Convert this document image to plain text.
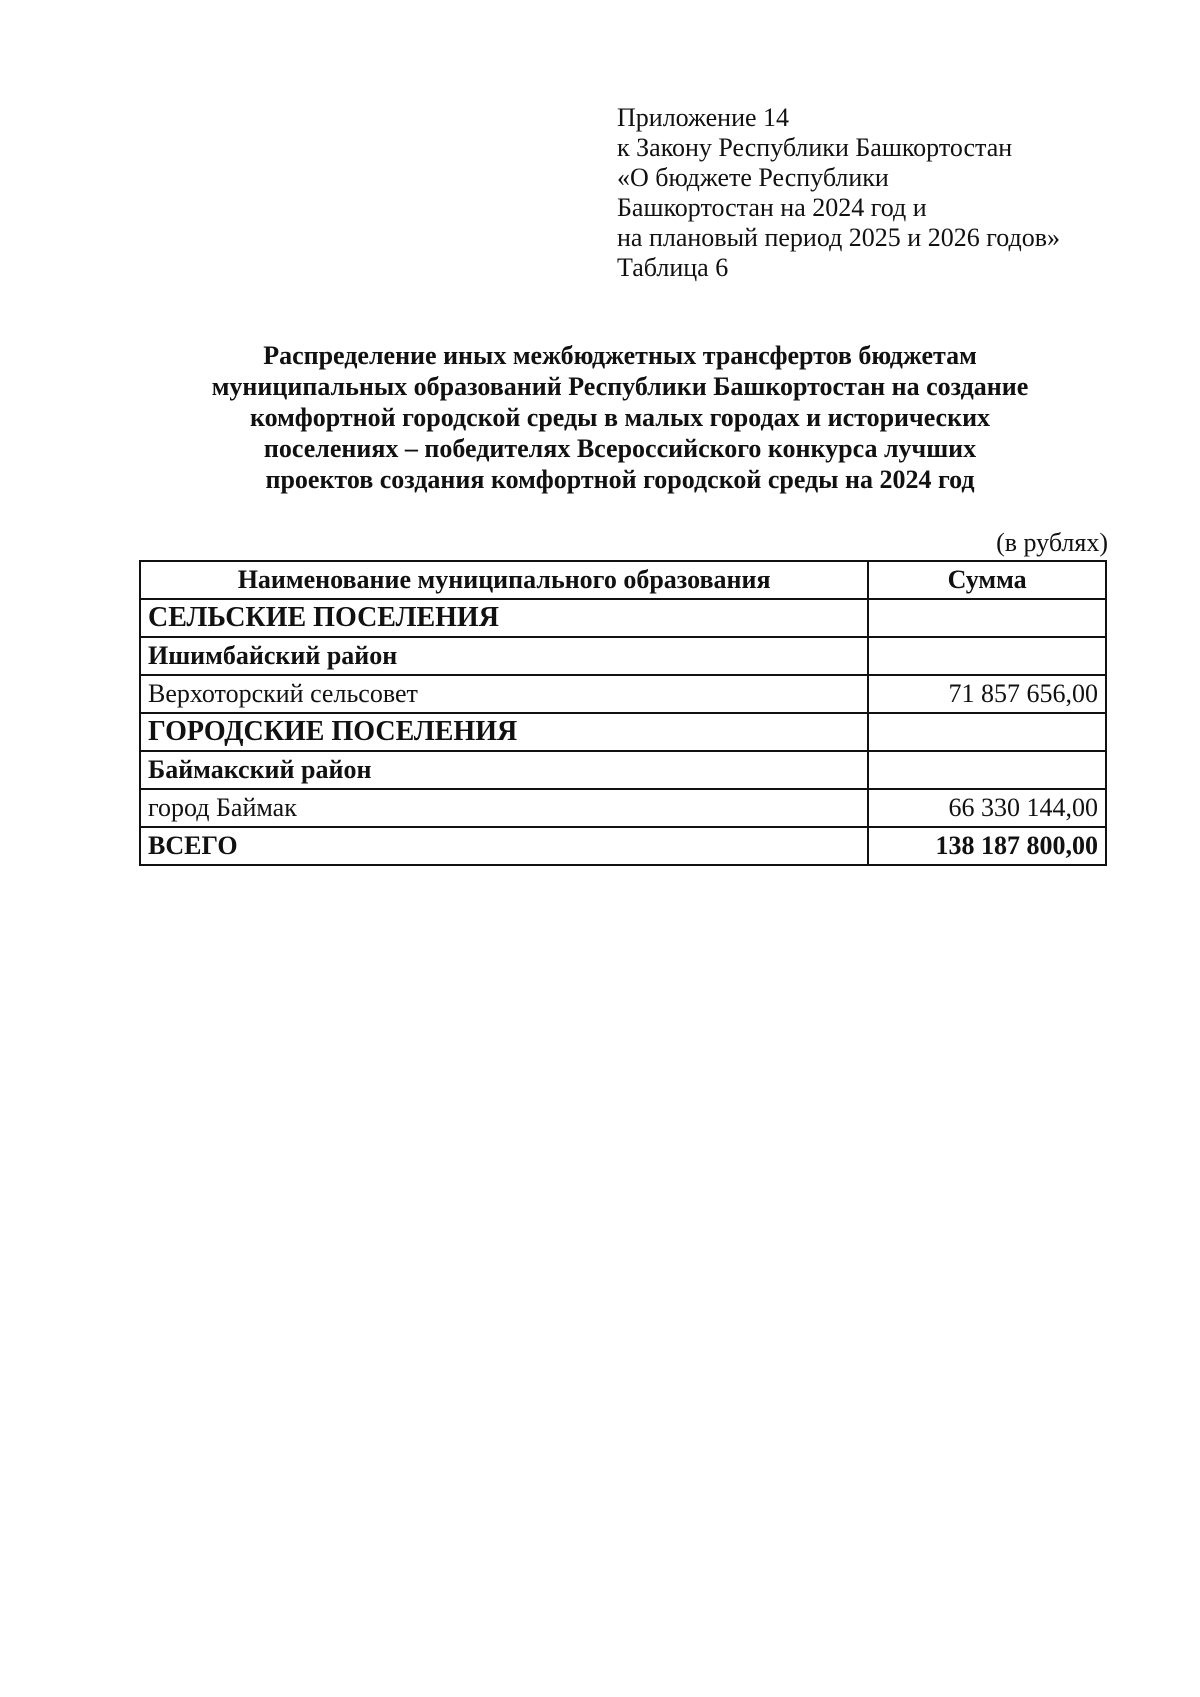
Приложение 14
к Закону Республики Башкортостан
«О бюджете Республики
Башкортостан на 2024 год и
на плановый период 2025 и 2026 годов»
Таблица 6
Распределение иных межбюджетных трансфертов бюджетам
муниципальных образований Республики Башкортостан на создание
комфортной городской среды в малых городах и исторических
поселениях – победителях Всероссийского конкурса лучших
проектов создания комфортной городской среды на 2024 год
(в рублях)
Наименование муниципального образования	Сумма
СЕЛЬСКИЕ ПОСЕЛЕНИЯ	
Ишимбайский район	
Верхоторский сельсовет	71 857 656,00
ГОРОДСКИЕ ПОСЕЛЕНИЯ	
Баймакский район	
город Баймак	66 330 144,00
ВСЕГО	138 187 800,00
